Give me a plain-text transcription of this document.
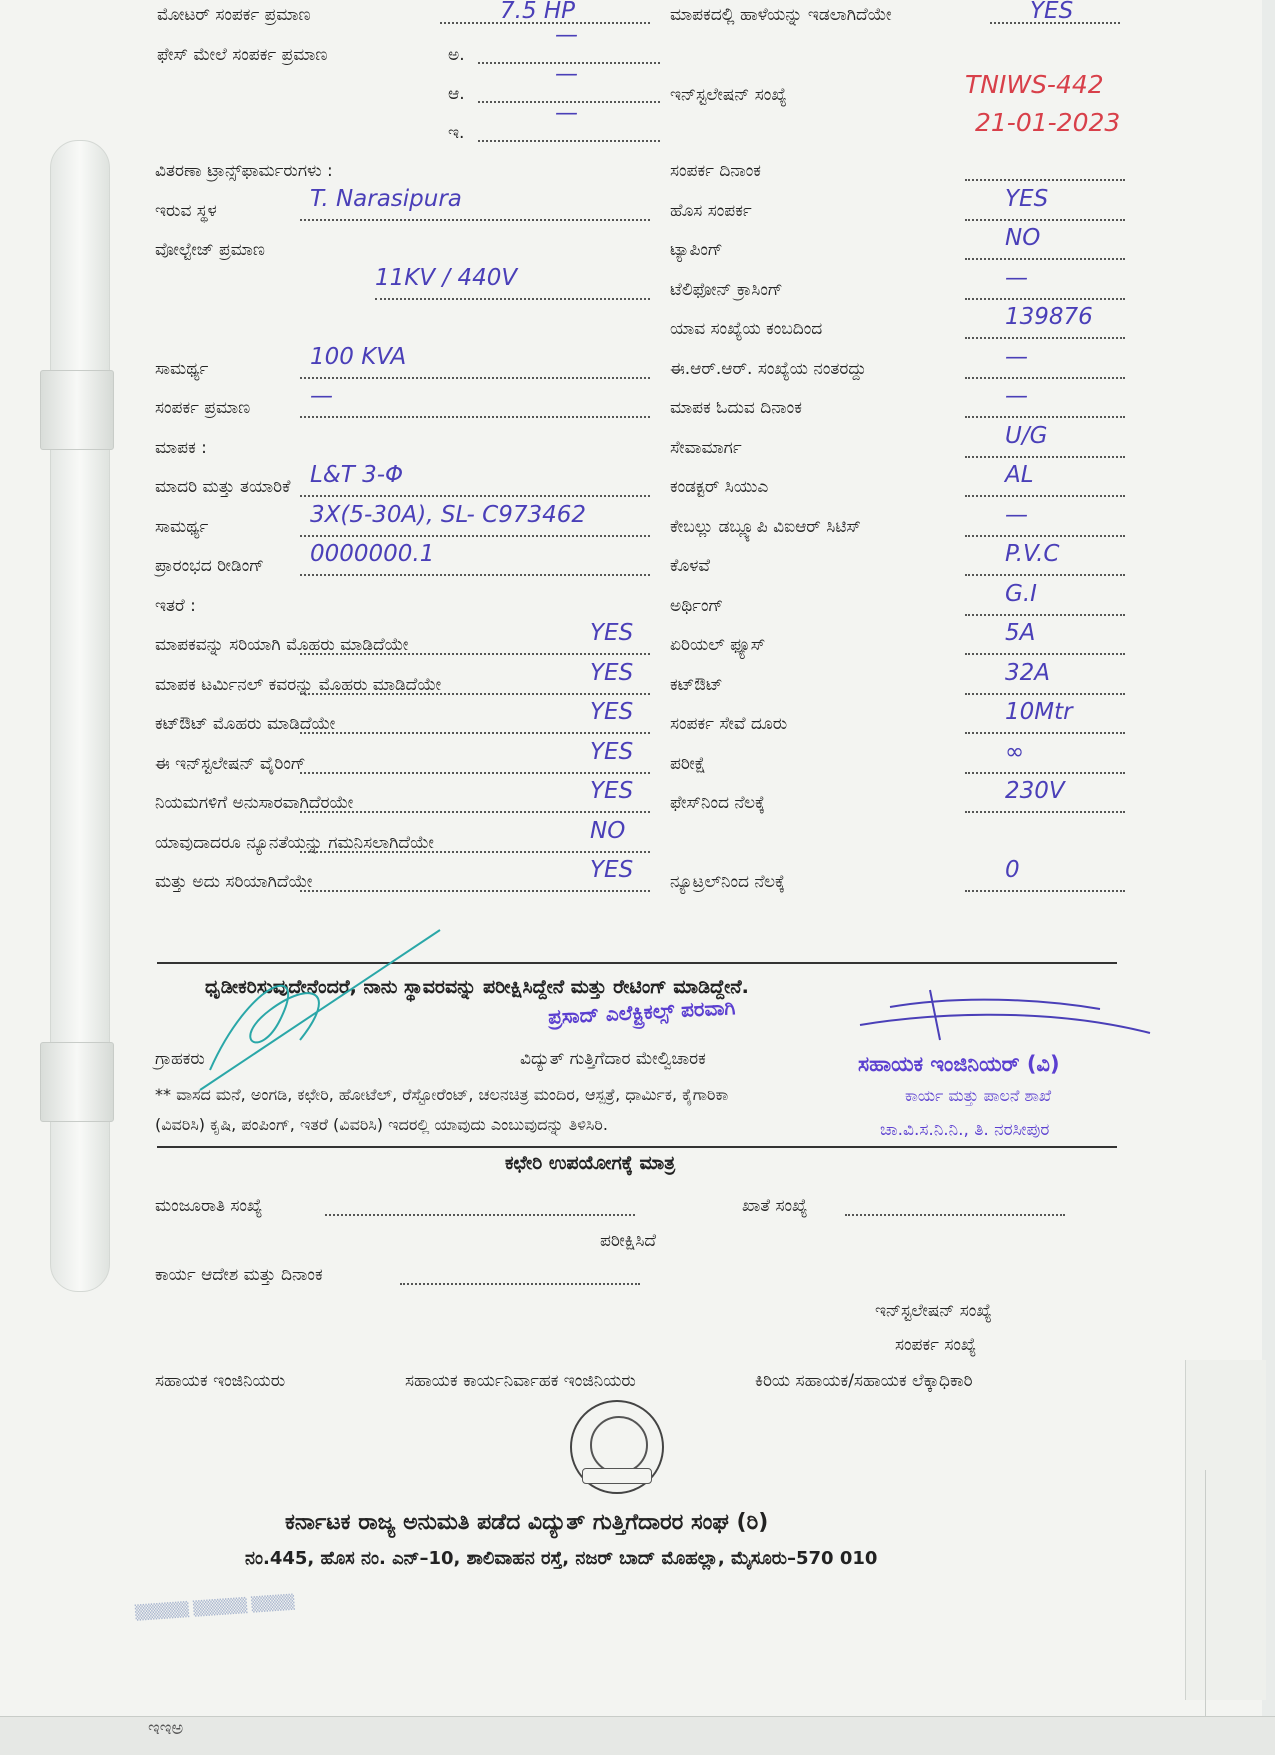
ಇಇಅ
ಮೋಟರ್ ಸಂಪರ್ಕ ಪ್ರಮಾಣ	7.5 HP	ಮಾಪಕದಲ್ಲಿ ಹಾಳೆಯನ್ನು ಇಡಲಾಗಿದೆಯೇ	YES
ಫೇಸ್ ಮೇಲೆ ಸಂಪರ್ಕ ಪ್ರಮಾಣ	ಅ.
—
ಆ.
—
ಇ.
—
ಇನ್‌ಸ್ಟಲೇಷನ್ ಸಂಖ್ಯೆ	TNIWS-442
21-01-2023
ವಿತರಣಾ ಟ್ರಾನ್ಸ್‌ಫಾರ್ಮರುಗಳು :
ಇರುವ ಸ್ಥಳ	T. Narasipura
ವೋಲ್ಟೇಜ್ ಪ್ರಮಾಣ
11KV / 440V
ಸಾಮರ್ಥ್ಯ	100 KVA
ಸಂಪರ್ಕ ಪ್ರಮಾಣ	—
ಮಾಪಕ :
ಮಾದರಿ ಮತ್ತು ತಯಾರಿಕೆ L&T 3-Φ
ಸಾಮರ್ಥ್ಯ	3X(5-30A), SL- C973462
ಪ್ರಾರಂಭದ ರೀಡಿಂಗ್ 0000000.1
ಇತರೆ :
ಮಾಪಕವನ್ನು ಸರಿಯಾಗಿ ಮೊಹರು ಮಾಡಿದೆಯೇ	YES
ಮಾಪಕ ಟರ್ಮಿನಲ್ ಕವರನ್ನು ಮೊಹರು ಮಾಡಿದೆಯೇ	YES
ಕಟ್‌ಔಟ್ ಮೊಹರು ಮಾಡಿದೆಯೇ	YES
ಈ ಇನ್‌ಸ್ಟಲೇಷನ್ ವೈರಿಂಗ್	YES
ನಿಯಮಗಳಿಗೆ ಅನುಸಾರವಾಗಿದೆರಯೇ	YES
ಯಾವುದಾದರೂ ನ್ಯೂನತೆಯನ್ನು ಗಮನಿಸಲಾಗಿದೆಯೇ	NO
ಮತ್ತು ಅದು ಸರಿಯಾಗಿದೆಯೇ	YES
ಸಂಪರ್ಕ ದಿನಾಂಕ
ಹೊಸ ಸಂಪರ್ಕ	YES
ಟ್ಯಾಪಿಂಗ್	NO
ಟೆಲಿಫೋನ್ ಕ್ರಾಸಿಂಗ್	—
ಯಾವ ಸಂಖ್ಯೆಯ ಕಂಬದಿಂದ	139876
ಈ.ಆರ್.ಆರ್. ಸಂಖ್ಯೆಯ ನಂತರದ್ದು	—
ಮಾಪಕ ಓದುವ ದಿನಾಂಕ	—
ಸೇವಾಮಾರ್ಗ	U/G
ಕಂಡಕ್ಟರ್ ಸಿಯುಎ	AL
ಕೇಬಲ್ಲು ಡಬ್ಲ್ಯೂಪಿ ವಿಐಆರ್ ಸಿಟಿಸ್	—
ಕೊಳವೆ	P.V.C
ಅರ್ಥಿಂಗ್	G.I
ಏರಿಯಲ್ ಫ್ಯೂಸ್	5A
ಕಟ್‌ಔಟ್	32A
ಸಂಪರ್ಕ ಸೇವೆ ದೂರು	10Mtr
ಪರೀಕ್ಷೆ	∞
ಫೇಸ್‌ನಿಂದ ನೆಲಕ್ಕೆ	230V
ನ್ಯೂಟ್ರಲ್‌ನಿಂದ ನೆಲಕ್ಕೆ	0
ಧೃಡೀಕರಿಸುವುದೇನೆಂದರೆ, ನಾನು ಸ್ಥಾವರವನ್ನು ಪರೀಕ್ಷಿಸಿದ್ದೇನೆ ಮತ್ತು ರೇಟಿಂಗ್ ಮಾಡಿದ್ದೇನೆ.
ಪ್ರಸಾದ್ ಎಲೆಕ್ಟ್ರಿಕಲ್ಸ್ ಪರವಾಗಿ
ಗ್ರಾಹಕರು	ವಿದ್ಯುತ್ ಗುತ್ತಿಗೆದಾರ ಮೇಲ್ವಿಚಾರಕ	ಸಹಾಯಕ ಇಂಜಿನಿಯರ್ (ವಿ)
ಕಾರ್ಯ ಮತ್ತು ಪಾಲನೆ ಶಾಖೆ
ಚಾ.ವಿ.ಸ.ನಿ.ನಿ., ತಿ. ನರಸೀಪುರ
** ವಾಸದ ಮನೆ, ಅಂಗಡಿ, ಕಛೇರಿ, ಹೋಟೆಲ್, ರೆಸ್ಟೋರೆಂಟ್, ಚಲನಚಿತ್ರ ಮಂದಿರ, ಆಸ್ಪತ್ರೆ, ಧಾರ್ಮಿಕ, ಕೈಗಾರಿಕಾ
(ವಿವರಿಸಿ) ಕೃಷಿ, ಪಂಪಿಂಗ್, ಇತರೆ (ವಿವರಿಸಿ) ಇದರಲ್ಲಿ ಯಾವುದು ಎಂಬುವುದನ್ನು ತಿಳಿಸಿರಿ.
ಕಛೇರಿ ಉಪಯೋಗಕ್ಕೆ ಮಾತ್ರ
ಮಂಜೂರಾತಿ ಸಂಖ್ಯೆ	ಖಾತೆ ಸಂಖ್ಯೆ
ಪರೀಕ್ಷಿಸಿದೆ
ಕಾರ್ಯ ಆದೇಶ ಮತ್ತು ದಿನಾಂಕ
ಇನ್‌ಸ್ಟಲೇಷನ್ ಸಂಖ್ಯೆ
ಸಂಪರ್ಕ ಸಂಖ್ಯೆ
ಸಹಾಯಕ ಇಂಜಿನಿಯರು	ಸಹಾಯಕ ಕಾರ್ಯನಿರ್ವಾಹಕ ಇಂಜಿನಿಯರು	ಕಿರಿಯ ಸಹಾಯಕ/ಸಹಾಯಕ ಲೆಕ್ಕಾಧಿಕಾರಿ
▒▒▒▒▒ ▒▒▒▒▒ ▒▒▒▒
ಕರ್ನಾಟಕ ರಾಜ್ಯ ಅನುಮತಿ ಪಡೆದ ವಿದ್ಯುತ್ ಗುತ್ತಿಗೆದಾರರ ಸಂಘ (ರಿ)
ನಂ.445, ಹೊಸ ನಂ. ಎನ್–10, ಶಾಲಿವಾಹನ ರಸ್ತೆ, ನಜರ್ ಬಾದ್ ಮೊಹಲ್ಲಾ, ಮೈಸೂರು–570 010
